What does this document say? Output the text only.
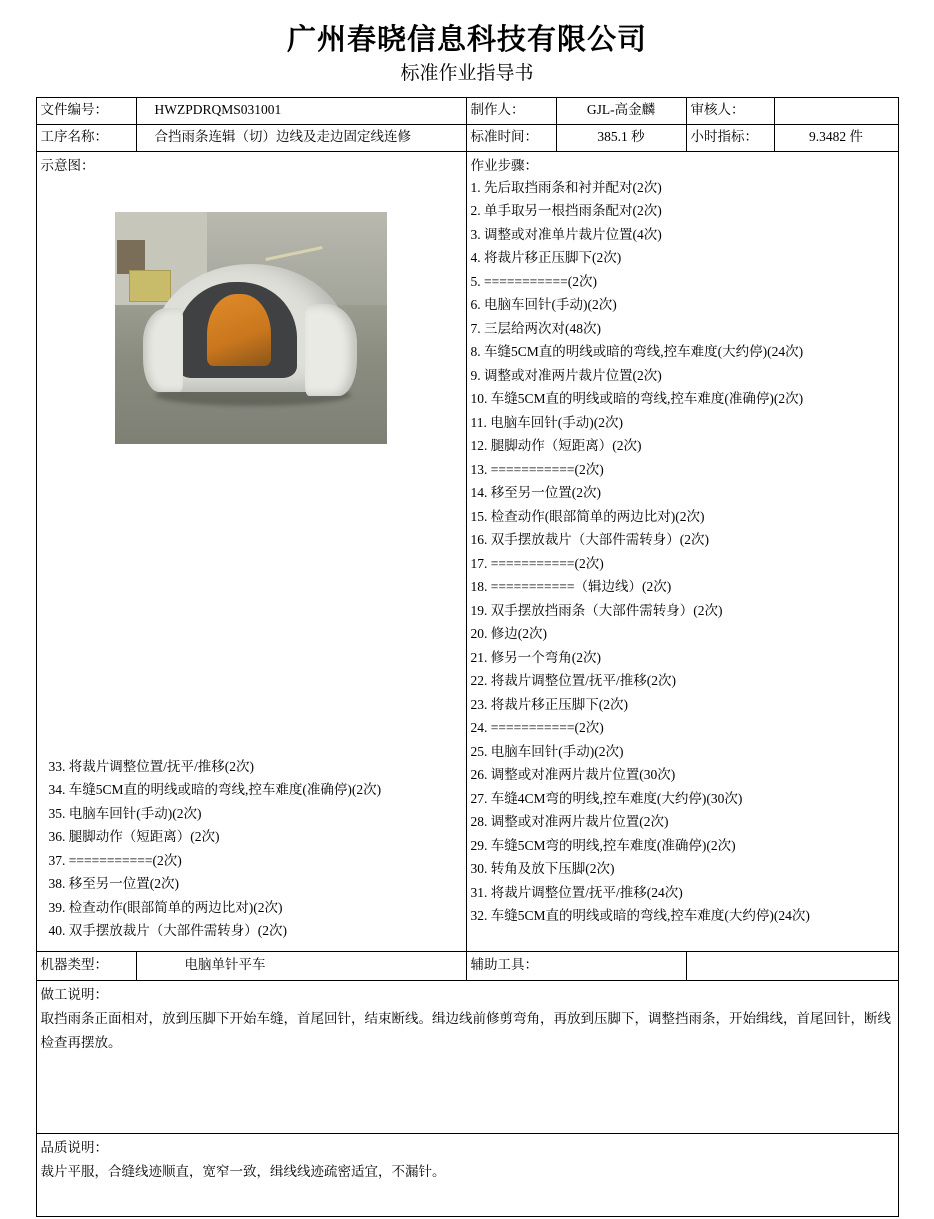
广州春晓信息科技有限公司
标准作业指导书
文件编号：	HWZPDRQMS031001	制作人：	GJL-高金麟	审核人：	
工序名称：	合挡雨条连辑（切）边线及走边固定线连修	标准时间：	385.1 秒	小时指标：	9.3482 件

示意图：
33. 将裁片调整位置/抚平/推移(2次)
34. 车缝5CM直的明线或暗的弯线,控车难度(准确停)(2次)
35. 电脑车回针(手动)(2次)
36. 腿脚动作（短距离）(2次)
37. ===========(2次)
38. 移至另一位置(2次)
39. 检查动作(眼部简单的两边比对)(2次)
40. 双手摆放裁片（大部件需转身）(2次)

作业步骤：
1. 先后取挡雨条和衬并配对(2次)
2. 单手取另一根挡雨条配对(2次)
3. 调整或对准单片裁片位置(4次)
4. 将裁片移正压脚下(2次)
5. ===========(2次)
6. 电脑车回针(手动)(2次)
7. 三层给两次对(48次)
8. 车缝5CM直的明线或暗的弯线,控车难度(大约停)(24次)
9. 调整或对准两片裁片位置(2次)
10. 车缝5CM直的明线或暗的弯线,控车难度(准确停)(2次)
11. 电脑车回针(手动)(2次)
12. 腿脚动作（短距离）(2次)
13. ===========(2次)
14. 移至另一位置(2次)
15. 检查动作(眼部简单的两边比对)(2次)
16. 双手摆放裁片（大部件需转身）(2次)
17. ===========(2次)
18. ===========（辑边线）(2次)
19. 双手摆放挡雨条（大部件需转身）(2次)
20. 修边(2次)
21. 修另一个弯角(2次)
22. 将裁片调整位置/抚平/推移(2次)
23. 将裁片移正压脚下(2次)
24. ===========(2次)
25. 电脑车回针(手动)(2次)
26. 调整或对准两片裁片位置(30次)
27. 车缝4CM弯的明线,控车难度(大约停)(30次)
28. 调整或对准两片裁片位置(2次)
29. 车缝5CM弯的明线,控车难度(准确停)(2次)
30. 转角及放下压脚(2次)
31. 将裁片调整位置/抚平/推移(24次)
32. 车缝5CM直的明线或暗的弯线,控车难度(大约停)(24次)

机器类型：	电脑单针平车	辅助工具：			

做工说明：
取挡雨条正面相对，放到压脚下开始车缝，首尾回针，结束断线。缉边线前修剪弯角，再放到压脚下，调整挡雨条，开始缉线，首尾回针，断线检查再摆放。					

品质说明：
裁片平服，合缝线迹顺直，宽窄一致，缉线线迹疏密适宜，不漏针。					
